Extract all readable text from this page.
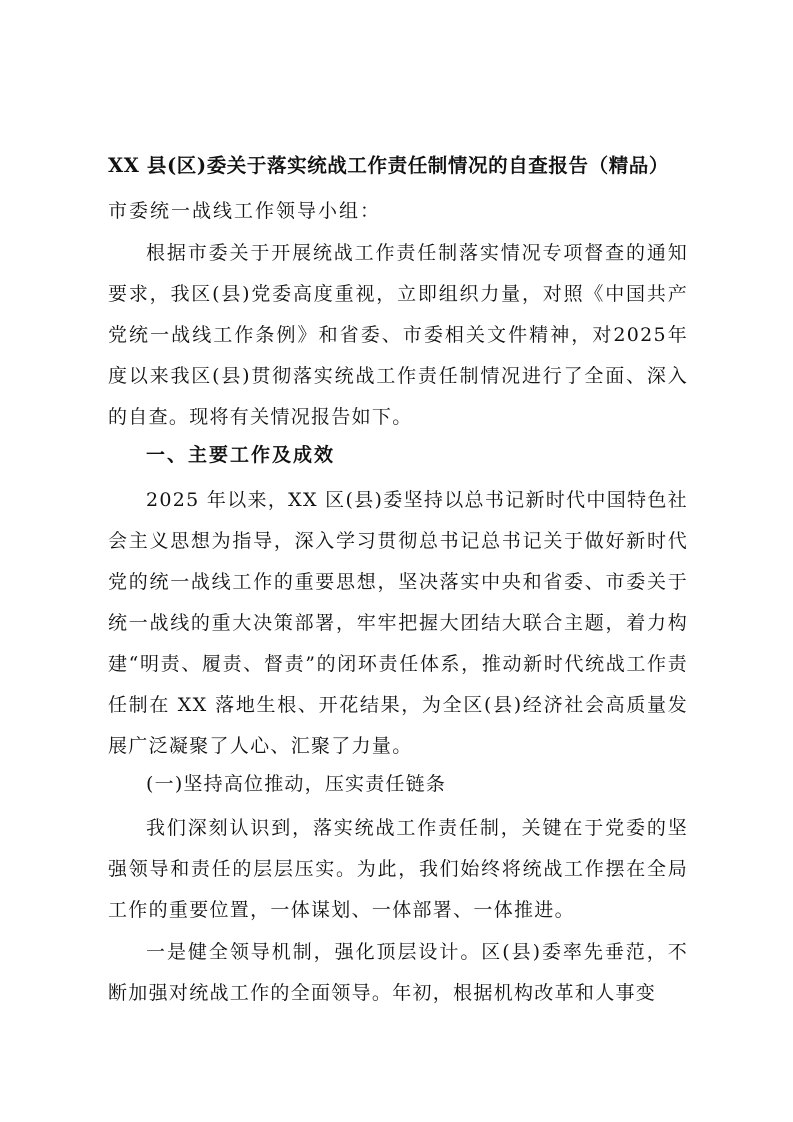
XX 县(区)委关于落实统战工作责任制情况的自查报告（精品）
市委统一战线工作领导小组：

根据市委关于开展统战工作责任制落实情况专项督查的通知要求，我区(县)党委高度重视，立即组织力量，对照《中国共产党统一战线工作条例》和省委、市委相关文件精神，对2025年度以来我区(县)贯彻落实统战工作责任制情况进行了全面、深入的自查。现将有关情况报告如下。

一、主要工作及成效

2025 年以来，XX 区(县)委坚持以总书记新时代中国特色社会主义思想为指导，深入学习贯彻总书记总书记关于做好新时代党的统一战线工作的重要思想，坚决落实中央和省委、市委关于统一战线的重大决策部署，牢牢把握大团结大联合主题，着力构建“明责、履责、督责”的闭环责任体系，推动新时代统战工作责任制在 XX 落地生根、开花结果，为全区(县)经济社会高质量发展广泛凝聚了人心、汇聚了力量。

(一)坚持高位推动，压实责任链条

我们深刻认识到，落实统战工作责任制，关键在于党委的坚强领导和责任的层层压实。为此，我们始终将统战工作摆在全局工作的重要位置，一体谋划、一体部署、一体推进。

一是健全领导机制，强化顶层设计。区(县)委率先垂范，不断加强对统战工作的全面领导。年初，根据机构改革和人事变
